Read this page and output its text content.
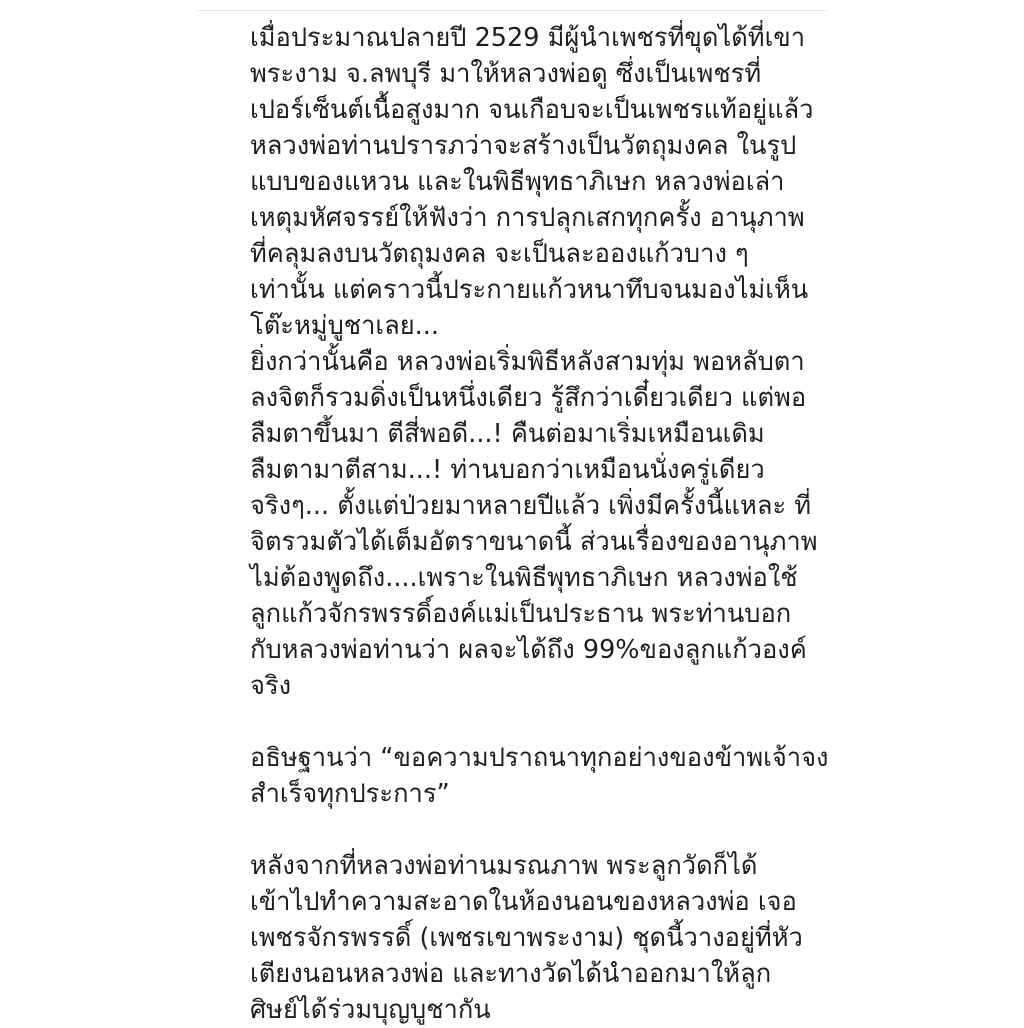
เมื่อประมาณปลายปี 2529 มีผู้นำเพชรที่ขุดได้ที่เขา
พระงาม จ.ลพบุรี มาให้หลวงพ่อดู ซึ่งเป็นเพชรที่
เปอร์เซ็นต์เนื้อสูงมาก จนเกือบจะเป็นเพชรแท้อยู่แล้ว
หลวงพ่อท่านปรารภว่าจะสร้างเป็นวัตถุมงคล ในรูป
แบบของแหวน และในพิธีพุทธาภิเษก หลวงพ่อเล่า
เหตุมหัศจรรย์ให้ฟังว่า การปลุกเสกทุกครั้ง อานุภาพ
ที่คลุมลงบนวัตถุมงคล จะเป็นละอองแก้วบาง ๆ
เท่านั้น แต่คราวนี้ประกายแก้วหนาทึบจนมองไม่เห็น
โต๊ะหมู่บูชาเลย...
ยิ่งกว่านั้นคือ หลวงพ่อเริ่มพิธีหลังสามทุ่ม พอหลับตา
ลงจิตก็รวมดิ่งเป็นหนึ่งเดียว รู้สึกว่าเดี๋ยวเดียว แต่พอ
ลืมตาขึ้นมา ตีสี่พอดี...! คืนต่อมาเริ่มเหมือนเดิม
ลืมตามาตีสาม...! ท่านบอกว่าเหมือนนั่งครู่เดียว
จริงๆ... ตั้งแต่ป่วยมาหลายปีแล้ว เพิ่งมีครั้งนี้แหละ ที่
จิตรวมตัวได้เต็มอัตราขนาดนี้ ส่วนเรื่องของอานุภาพ
ไม่ต้องพูดถึง....เพราะในพิธีพุทธาภิเษก หลวงพ่อใช้
ลูกแก้วจักรพรรดิ์องค์แม่เป็นประธาน พระท่านบอก
กับหลวงพ่อท่านว่า ผลจะได้ถึง 99%ของลูกแก้วองค์
จริง

อธิษฐานว่า “ขอความปราถนาทุกอย่างของข้าพเจ้าจง
สำเร็จทุกประการ”

หลังจากที่หลวงพ่อท่านมรณภาพ พระลูกวัดก็ได้
เข้าไปทำความสะอาดในห้องนอนของหลวงพ่อ เจอ
เพชรจักรพรรดิ์ (เพชรเขาพระงาม) ชุดนี้วางอยู่ที่หัว
เตียงนอนหลวงพ่อ และทางวัดได้นำออกมาให้ลูก
ศิษย์ได้ร่วมบุญบูชากัน
